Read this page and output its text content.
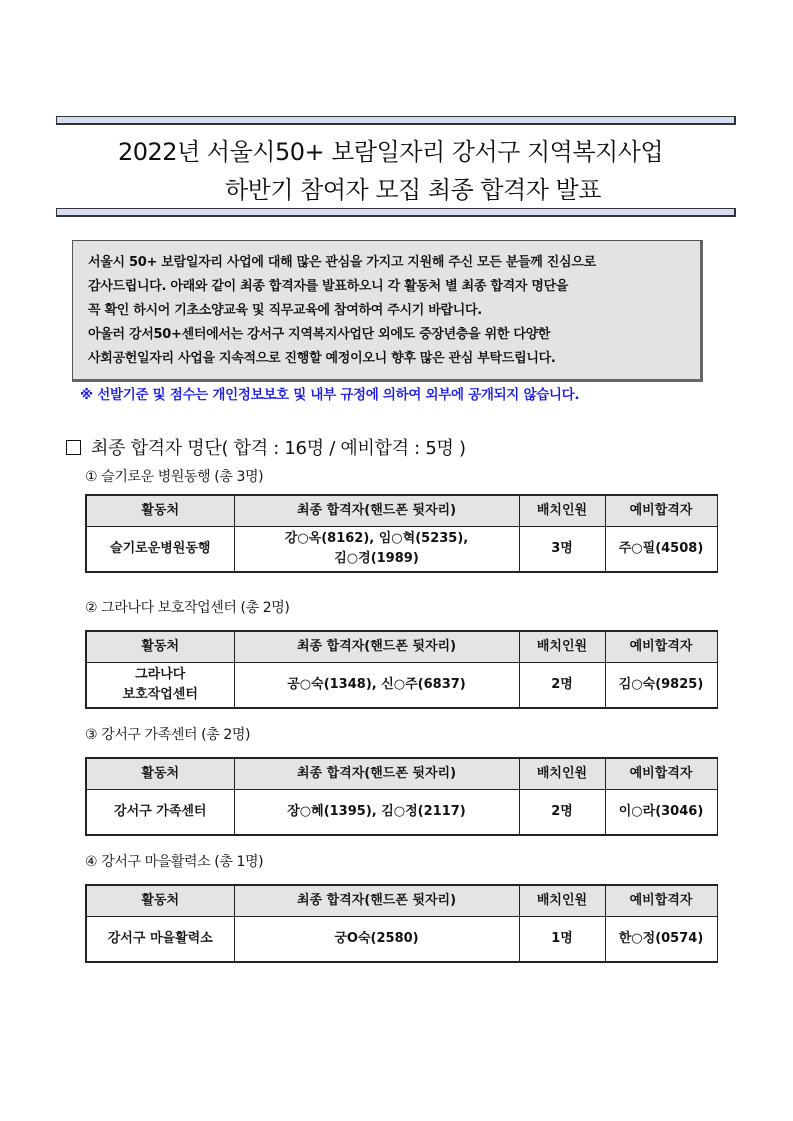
2022년 서울시50+ 보람일자리 강서구 지역복지사업
하반기 참여자 모집 최종 합격자 발표

서울시 50+ 보람일자리 사업에 대해 많은 관심을 가지고 지원해 주신 모든 분들께 진심으로

감사드립니다. 아래와 같이 최종 합격자를 발표하오니 각 활동처 별 최종 합격자 명단을

꼭 확인 하시어 기초소양교육 및 직무교육에 참여하여 주시기 바랍니다.

아울러 강서50+센터에서는 강서구 지역복지사업단 외에도 중장년층을 위한 다양한

사회공헌일자리 사업을 지속적으로 진행할 예정이오니 향후 많은 관심 부탁드립니다.

※ 선발기준 및 점수는 개인정보보호 및 내부 규정에 의하여 외부에 공개되지 않습니다.
최종 합격자 명단( 합격 : 16명 / 예비합격 : 5명 )
① 슬기로운 병원동행 (총 3명)
활동처	최종 합격자(핸드폰 뒷자리)	배치인원	예비합격자
슬기로운병원동행	강○옥(8162), 임○혁(5235),
김○경(1989)	3명	주○필(4508)
② 그라나다 보호작업센터 (총 2명)
활동처	최종 합격자(핸드폰 뒷자리)	배치인원	예비합격자

그라나다
보호작업센터	공○숙(1348), 신○주(6837)	2명	김○숙(9825)
③ 강서구 가족센터 (총 2명)
활동처	최종 합격자(핸드폰 뒷자리)	배치인원	예비합격자
강서구 가족센터	장○혜(1395), 김○정(2117)	2명	이○라(3046)
④ 강서구 마을활력소 (총 1명)
활동처	최종 합격자(핸드폰 뒷자리)	배치인원	예비합격자
강서구 마을활력소	궁O숙(2580)	1명	한○정(0574)
